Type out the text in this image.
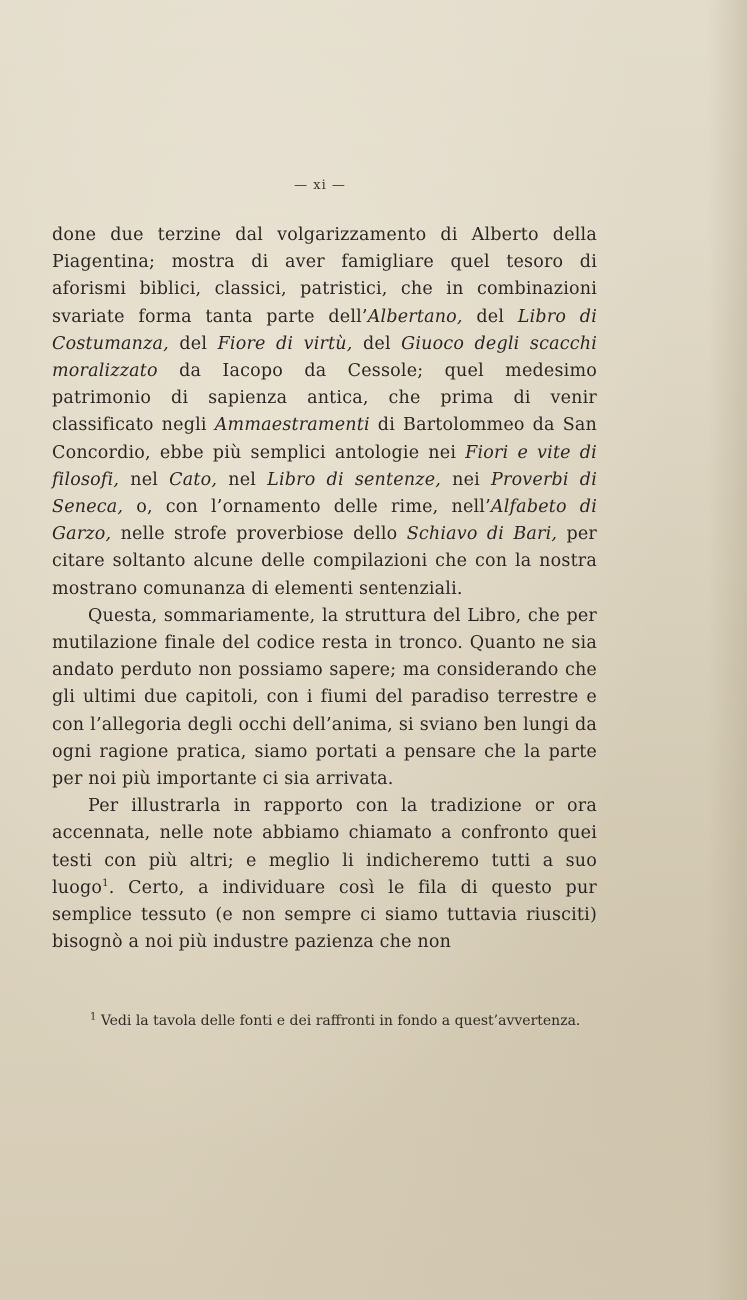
— xi —

done due terzine dal volgarizzamento di Alberto della Piagentina; mostra di aver famigliare quel tesoro di aforismi biblici, classici, patristici, che in combinazioni svariate forma tanta parte dell’Albertano, del Libro di Costumanza, del Fiore di virtù, del Giuoco degli scacchi moralizzato da Iacopo da Cessole; quel medesimo patrimonio di sapienza antica, che prima di venir classificato negli Ammaestramenti di Bartolommeo da San Concordio, ebbe più semplici antologie nei Fiori e vite di filosofi, nel Cato, nel Libro di sentenze, nei Proverbi di Seneca, o, con l’ornamento delle rime, nell’Alfabeto di Garzo, nelle strofe proverbiose dello Schiavo di Bari, per citare soltanto alcune delle compilazioni che con la nostra mostrano comunanza di elementi sentenziali.

Questa, sommariamente, la struttura del Libro, che per mutilazione finale del codice resta in tronco. Quanto ne sia andato perduto non possiamo sapere; ma considerando che gli ultimi due capitoli, con i fiumi del paradiso terrestre e con l’allegoria degli occhi dell’anima, si sviano ben lungi da ogni ragione pratica, siamo portati a pensare che la parte per noi più importante ci sia arrivata.

Per illustrarla in rapporto con la tradizione or ora accennata, nelle note abbiamo chiamato a confronto quei testi con più altri; e meglio li indicheremo tutti a suo luogo$^1$. Certo, a individuare così le fila di questo pur semplice tessuto (e non sempre ci siamo tuttavia riusciti) bisognò a noi più industre pazienza che non

$^1$ Vedi la tavola delle fonti e dei raffronti in fondo a quest’avvertenza.
